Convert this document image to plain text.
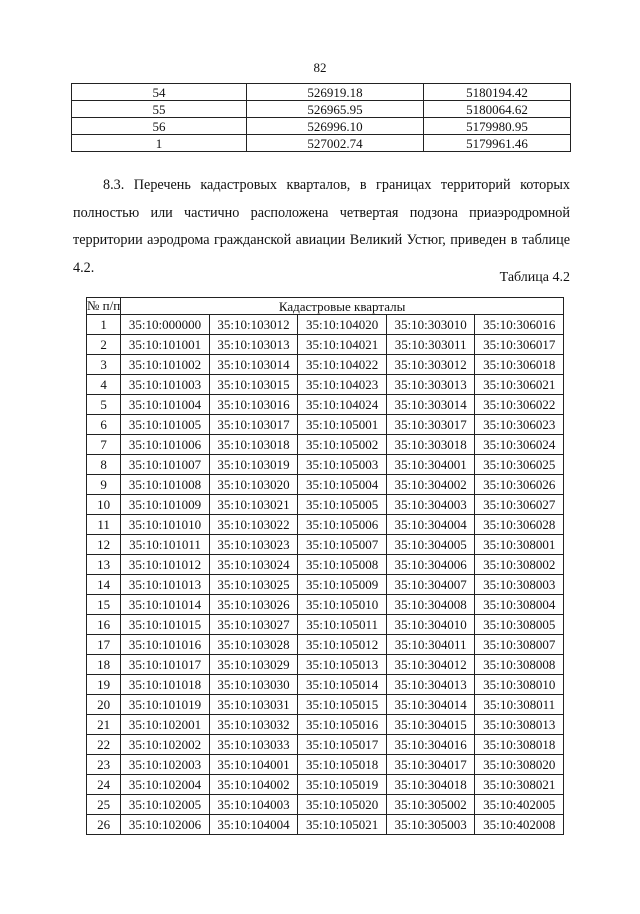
82
54	526919.18	5180194.42
55	526965.95	5180064.62
56	526996.10	5179980.95
1	527002.74	5179961.46

8.3. Перечень кадастровых кварталов, в границах территорий которых полностью или частично расположена четвертая подзона приаэродромной территории аэродрома гражданской авиации Великий Устюг, приведен в таблице 4.2.

Таблица 4.2
№ п/п	Кадастровые кварталы				
1	35:10:000000	35:10:103012	35:10:104020	35:10:303010	35:10:306016
2	35:10:101001	35:10:103013	35:10:104021	35:10:303011	35:10:306017
3	35:10:101002	35:10:103014	35:10:104022	35:10:303012	35:10:306018
4	35:10:101003	35:10:103015	35:10:104023	35:10:303013	35:10:306021
5	35:10:101004	35:10:103016	35:10:104024	35:10:303014	35:10:306022
6	35:10:101005	35:10:103017	35:10:105001	35:10:303017	35:10:306023
7	35:10:101006	35:10:103018	35:10:105002	35:10:303018	35:10:306024
8	35:10:101007	35:10:103019	35:10:105003	35:10:304001	35:10:306025
9	35:10:101008	35:10:103020	35:10:105004	35:10:304002	35:10:306026
10	35:10:101009	35:10:103021	35:10:105005	35:10:304003	35:10:306027
11	35:10:101010	35:10:103022	35:10:105006	35:10:304004	35:10:306028
12	35:10:101011	35:10:103023	35:10:105007	35:10:304005	35:10:308001
13	35:10:101012	35:10:103024	35:10:105008	35:10:304006	35:10:308002
14	35:10:101013	35:10:103025	35:10:105009	35:10:304007	35:10:308003
15	35:10:101014	35:10:103026	35:10:105010	35:10:304008	35:10:308004
16	35:10:101015	35:10:103027	35:10:105011	35:10:304010	35:10:308005
17	35:10:101016	35:10:103028	35:10:105012	35:10:304011	35:10:308007
18	35:10:101017	35:10:103029	35:10:105013	35:10:304012	35:10:308008
19	35:10:101018	35:10:103030	35:10:105014	35:10:304013	35:10:308010
20	35:10:101019	35:10:103031	35:10:105015	35:10:304014	35:10:308011
21	35:10:102001	35:10:103032	35:10:105016	35:10:304015	35:10:308013
22	35:10:102002	35:10:103033	35:10:105017	35:10:304016	35:10:308018
23	35:10:102003	35:10:104001	35:10:105018	35:10:304017	35:10:308020
24	35:10:102004	35:10:104002	35:10:105019	35:10:304018	35:10:308021
25	35:10:102005	35:10:104003	35:10:105020	35:10:305002	35:10:402005
26	35:10:102006	35:10:104004	35:10:105021	35:10:305003	35:10:402008
